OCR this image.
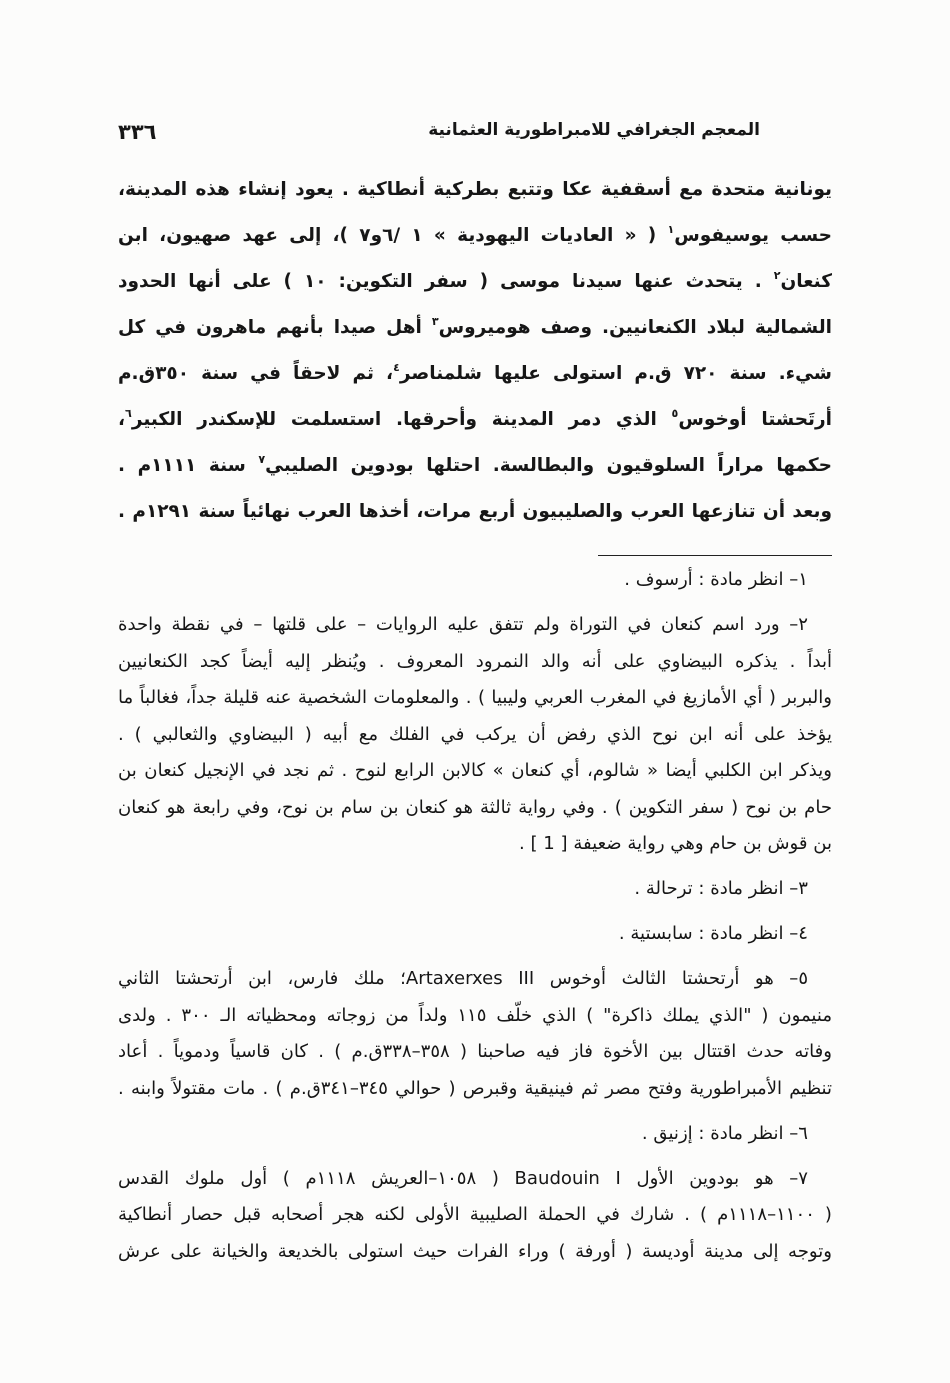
٣٣٦	المعجم الجغرافي للامبراطورية العثمانية
يونانية متحدة مع أسقفية عكا وتتبع بطركية أنطاكية . يعود إنشاء هذه المدينة،
حسب يوسيفوس$^١$ ( « العاديات اليهودية » ١ /٦و٧ )، إلى عهد صهيون، ابن
كنعان$^٢$ . يتحدث عنها سيدنا موسى ( سفر التكوين: ١٠ ) على أنها الحدود
الشمالية لبلاد الكنعانيين. وصف هوميروس$^٣$ أهل صيدا بأنهم ماهرون في كل
شيء. سنة ٧٢٠ ق.م استولى عليها شلمناصر$^٤$، ثم لاحقاً في سنة ٣٥٠ق.م
أرتَحشتا أوخوس$^٥$ الذي دمر المدينة وأحرقها. استسلمت للإسكندر الكبير$^٦$،
حكمها مراراً السلوقيون والبطالسة. احتلها بودوين الصليبي$^٧$ سنة ١١١١م .
وبعد أن تنازعها العرب والصليبيون أربع مرات، أخذها العرب نهائياً سنة ١٢٩١م .
١– انظر مادة : أرسوف .
٢– ورد اسم كنعان في التوراة ولم تتفق عليه الروايات – على قلتها – في نقطة واحدة
أبداً . يذكره البيضاوي على أنه والد النمرود المعروف . ويُنظر إليه أيضاً كجد الكنعانيين
والبربر ( أي الأمازيغ في المغرب العربي وليبيا ) . والمعلومات الشخصية عنه قليلة جداً، فغالباً ما
يؤخذ على أنه ابن نوح الذي رفض أن يركب في الفلك مع أبيه ( البيضاوي والثعالبي ) .
ويذكر ابن الكلبي أيضا « شالوم، أي كنعان » كالابن الرابع لنوح . ثم نجد في الإنجيل كنعان بن
حام بن نوح ( سفر التكوين ) . وفي رواية ثالثة هو كنعان بن سام بن نوح، وفي رابعة هو كنعان
بن قوش بن حام وهي رواية ضعيفة [ 1 ] .
٣– انظر مادة : ترحالة .
٤– انظر مادة : سابستية .
٥– هو أرتحشتا الثالث أوخوس Artaxerxes III؛ ملك فارس، ابن أرتحشتا الثاني
منيمون ( "الذي يملك ذاكرة" ) الذي خلّف ١١٥ ولداً من زوجاته ومحظياته الـ ٣٠٠ . ولدى
وفاته حدث اقتتال بين الأخوة فاز فيه صاحبنا ( ٣٥٨–٣٣٨ق.م ) . كان قاسياً ودموياً . أعاد
تنظيم الأمبراطورية وفتح مصر ثم فينيقية وقبرص ( حوالي ٣٤٥–٣٤١ق.م ) . مات مقتولاً وابنه .
٦– انظر مادة : إزنيق .
٧– هو بودوين الأول Baudouin I ( ١٠٥٨–العريش ١١١٨م ) أول ملوك القدس
( ١١٠٠–١١١٨م ) . شارك في الحملة الصليبية الأولى لكنه هجر أصحابه قبل حصار أنطاكية
وتوجه إلى مدينة أوديسة ( أورفة ) وراء الفرات حيث استولى بالخديعة والخيانة على عرش
